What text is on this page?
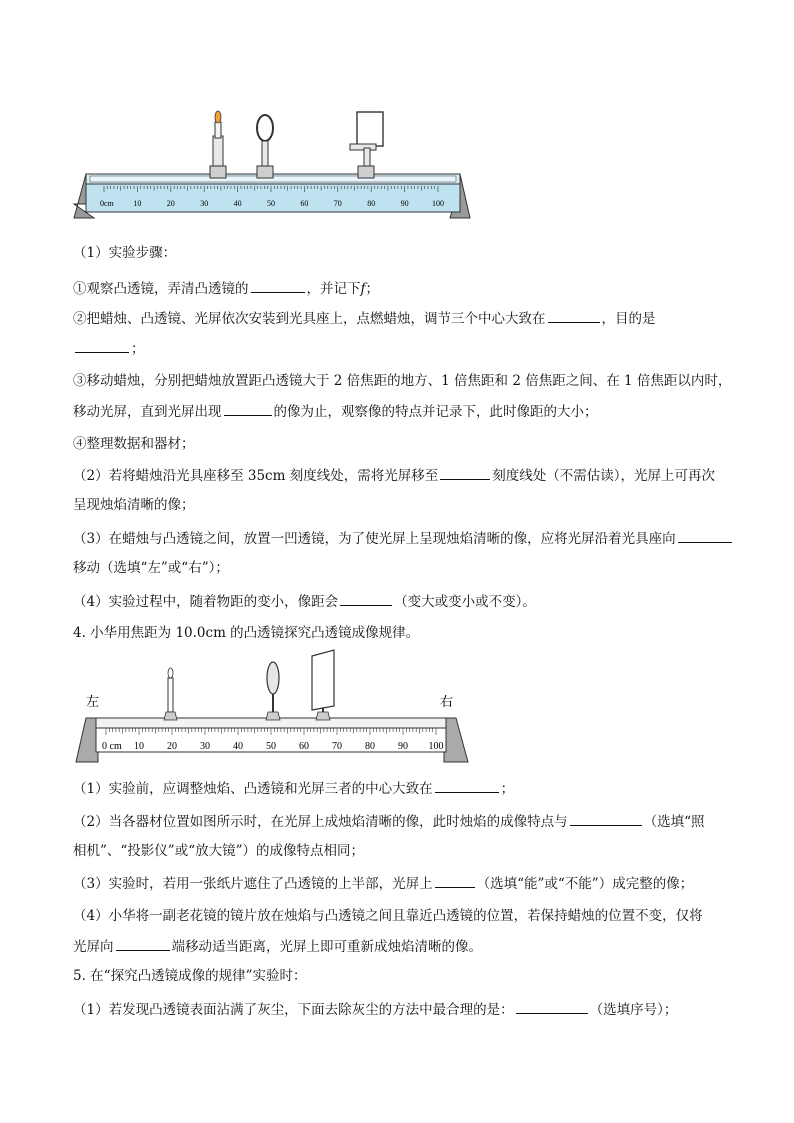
0cm 10	20	30	40	50	60	70	80	90	100
（1）实验步骤：
①观察凸透镜，弄清凸透镜的	，并记下f；
②把蜡烛、凸透镜、光屏依次安装到光具座上，点燃蜡烛，调节三个中心大致在	，目的是
；
③移动蜡烛，分别把蜡烛放置距凸透镜大于 2 倍焦距的地方、1 倍焦距和 2 倍焦距之间、在 1 倍焦距以内时，
移动光屏，直到光屏出现	的像为止，观察像的特点并记录下，此时像距的大小；
④整理数据和器材；
（2）若将蜡烛沿光具座移至 35cm 刻度线处，需将光屏移至	刻度线处（不需估读），光屏上可再次
呈现烛焰清晰的像；
（3）在蜡烛与凸透镜之间，放置一凹透镜，为了使光屏上呈现烛焰清晰的像，应将光屏沿着光具座向
移动（选填“左”或“右”）；
（4）实验过程中，随着物距的变小，像距会	（变大或变小或不变）。
4. 小华用焦距为 10.0cm 的凸透镜探究凸透镜成像规律。
左	右
0 cm 10 20 30 40 50 60 70 80 90 100
（1）实验前，应调整烛焰、凸透镜和光屏三者的中心大致在	；
（2）当各器材位置如图所示时，在光屏上成烛焰清晰的像，此时烛焰的成像特点与	（选填“照
相机”、“投影仪”或“放大镜”）的成像特点相同；
（3）实验时，若用一张纸片遮住了凸透镜的上半部，光屏上	（选填“能”或“不能”）成完整的像；
（4）小华将一副老花镜的镜片放在烛焰与凸透镜之间且靠近凸透镜的位置，若保持蜡烛的位置不变，仅将
光屏向	端移动适当距离，光屏上即可重新成烛焰清晰的像。
5. 在“探究凸透镜成像的规律”实验时：
（1）若发现凸透镜表面沾满了灰尘，下面去除灰尘的方法中最合理的是：	（选填序号）；
